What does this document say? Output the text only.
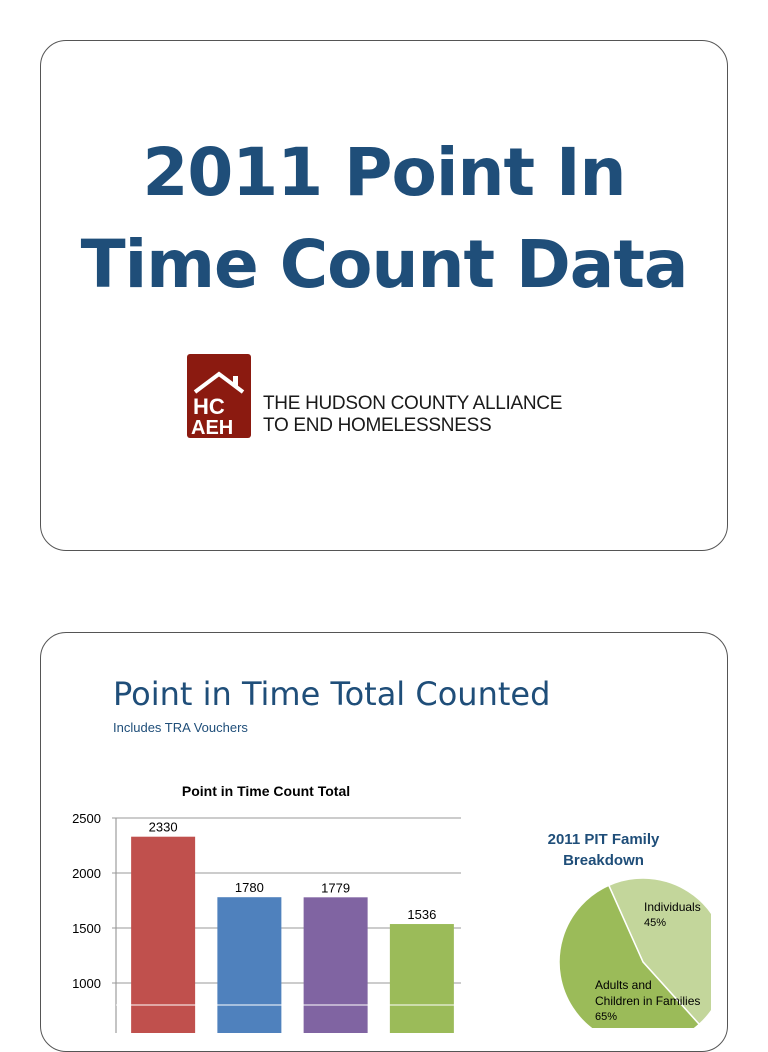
2011 Point In
Time Count Data
HC
AEH
THE HUDSON COUNTY ALLIANCE
TO END HOMELESSNESS
Point in Time Total Counted
Includes TRA Vouchers
Point in Time Count Total
2500
2000
1500
1000
2330
1780	1779
1536
2011 PIT Family Breakdown
Individuals
45%
Adults and
Children in Families
65%
